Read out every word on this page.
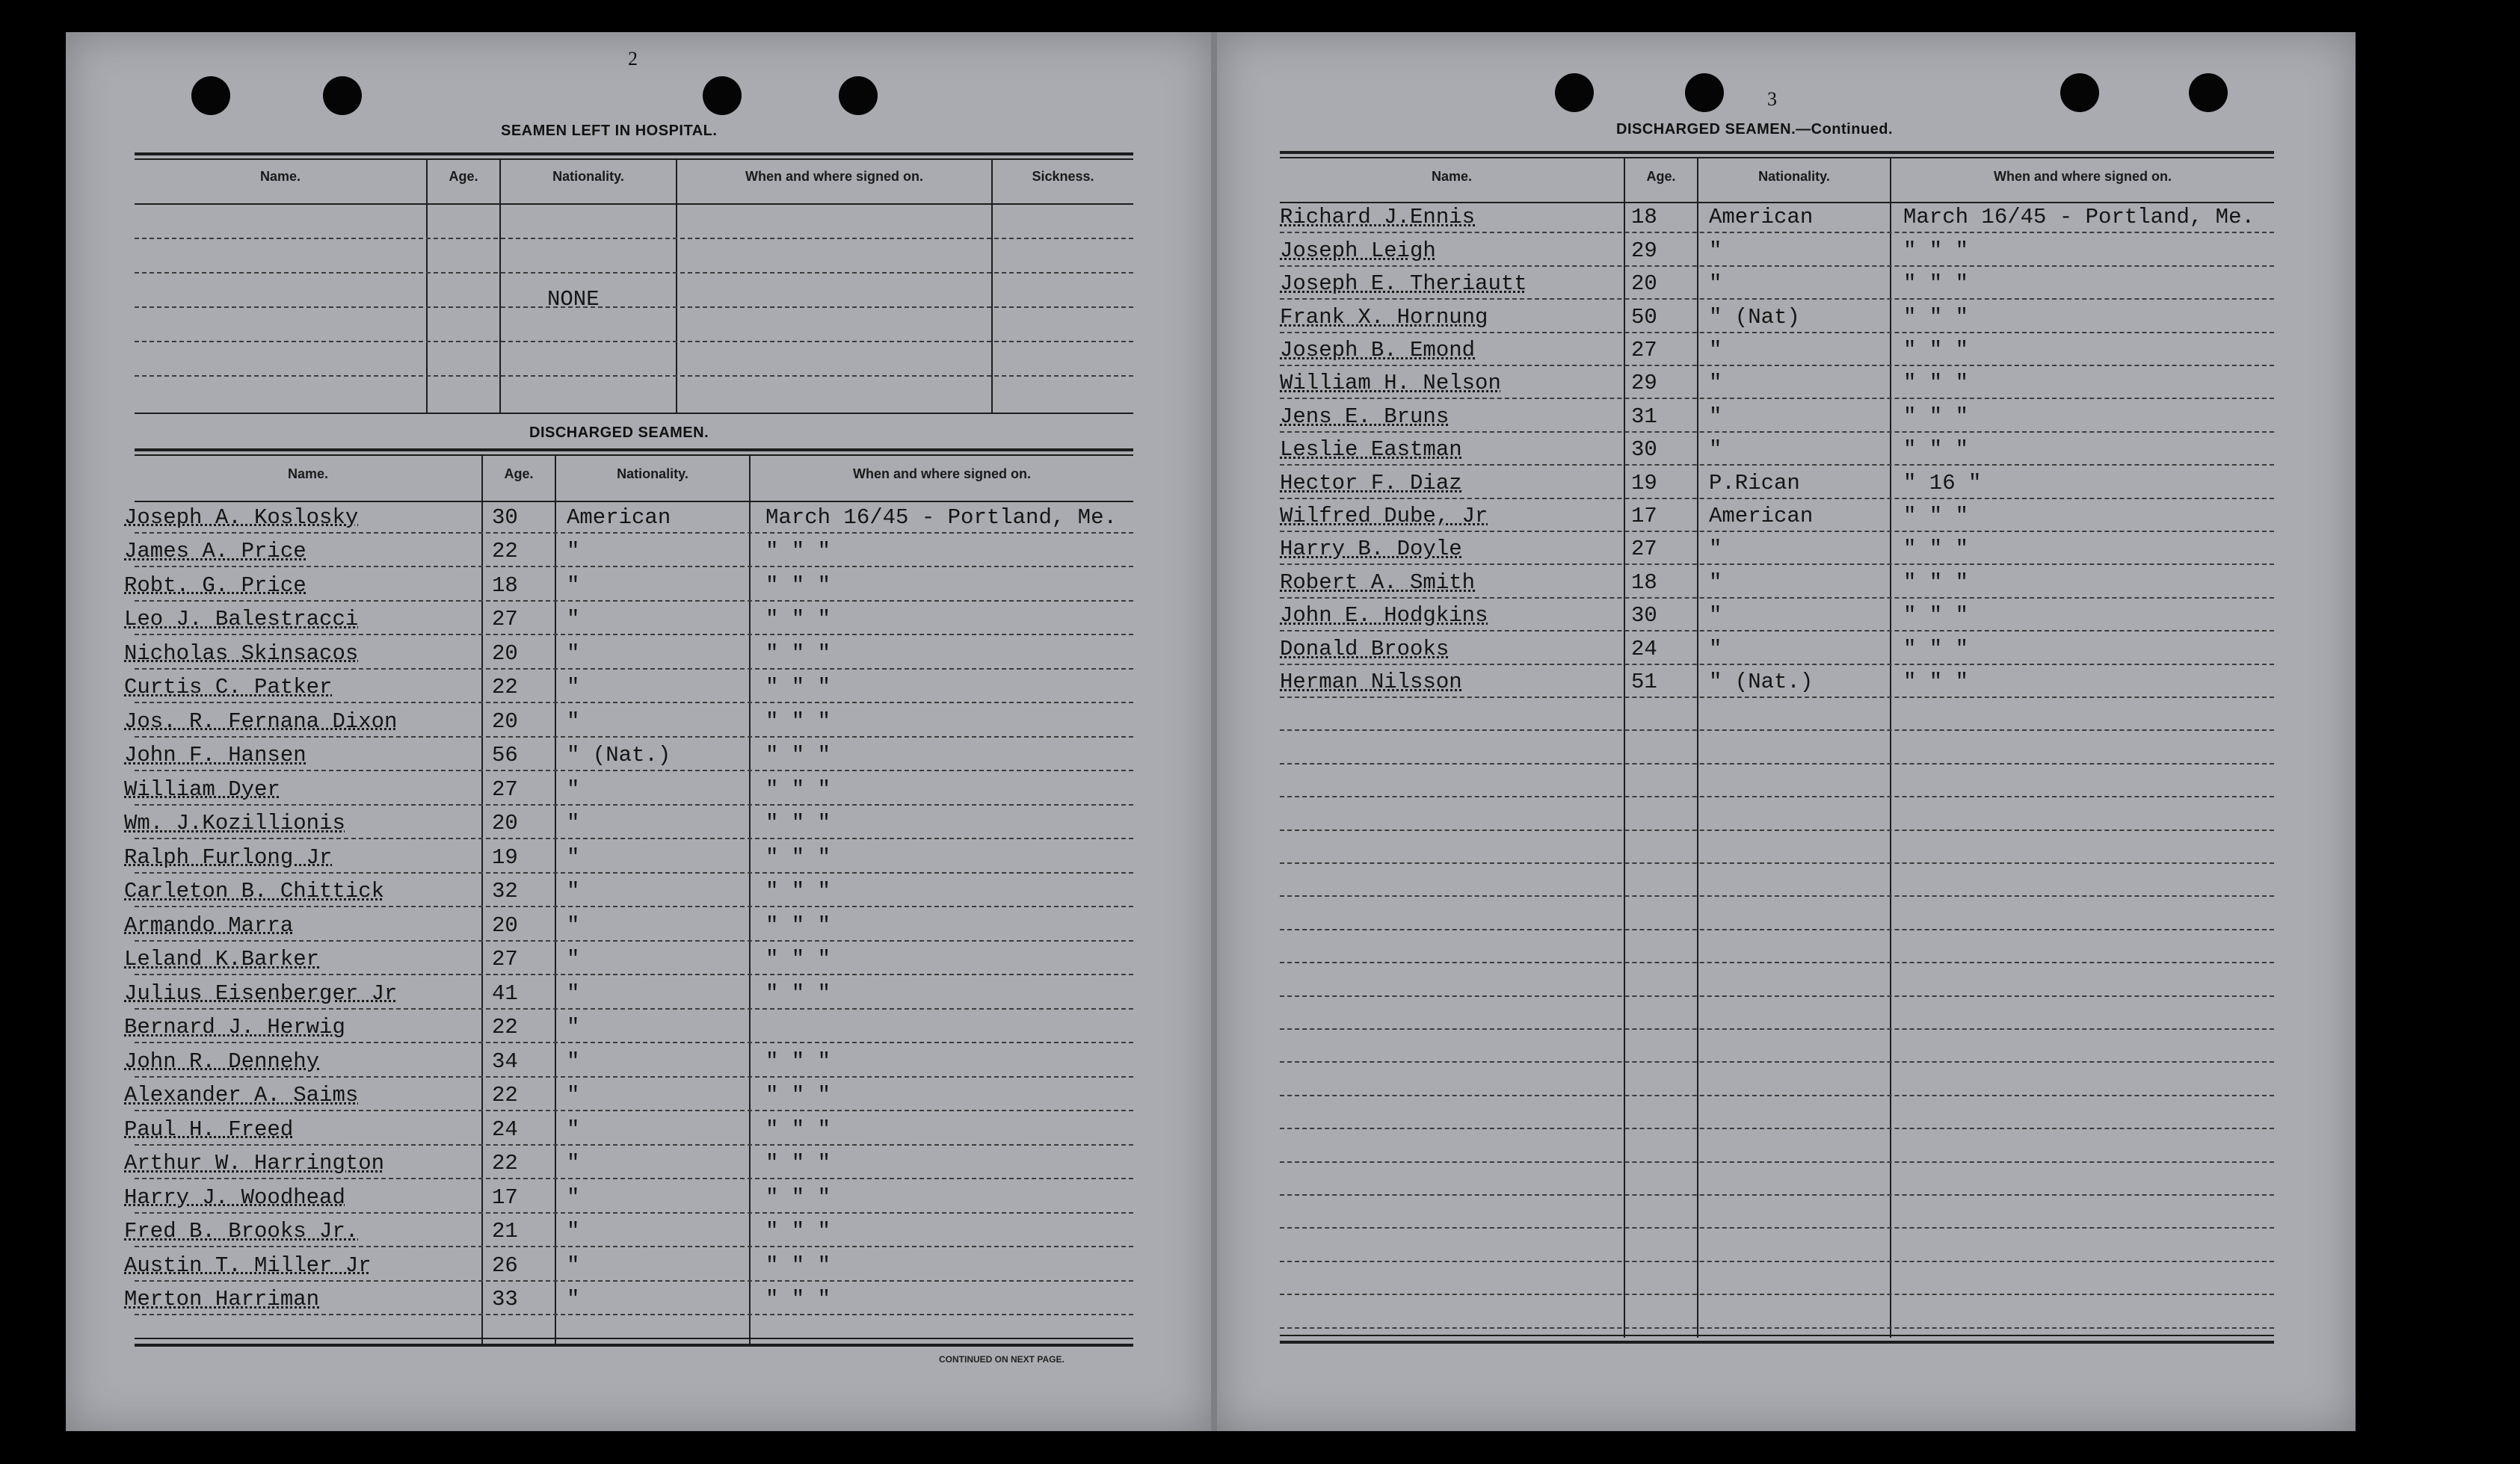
2
SEAMEN LEFT IN HOSPITAL.
Name.	Age.	Nationality.	When and where signed on.	Sickness.
NONE
DISCHARGED SEAMEN.
Name.	Age.	Nationality.	When and where signed on.
Joseph A. Koslosky	30 American	March 16/45 - Portland, Me.
James A. Price	22 "	" " "
Robt. G. Price	18 "	" " "
Leo J. Balestracci	27 "	" " "
Nicholas Skinsacos	20 "	" " "
Curtis C. Patker	22 "	" " "
Jos. R. Fernana Dixon	20 "	" " "
John F. Hansen	56 " (Nat.)	" " "
William Dyer	27 "	" " "
Wm. J.Kozillionis	20 "	" " "
Ralph Furlong Jr	19 "	" " "
Carleton B. Chittick	32 "	" " "
Armando Marra	20 "	" " "
Leland K.Barker	27 "	" " "
Julius Eisenberger Jr	41 "	" " "
Bernard J. Herwig	22 "
John R. Dennehy	34 "	" " "
Alexander A. Saims	22 "	" " "
Paul H. Freed	24 "	" " "
Arthur W. Harrington	22 "	" " "
Harry J. Woodhead	17 "	" " "
Fred B. Brooks Jr.	21 "	" " "
Austin T. Miller Jr	26 "	" " "
Merton Harriman	33 "	" " "
CONTINUED ON NEXT PAGE.
3
DISCHARGED SEAMEN.—Continued.
Name.	Age.	Nationality.	When and where signed on.
Richard J.Ennis	18 American	March 16/45 - Portland, Me.
Joseph Leigh	29 "	" " "
Joseph E. Theriautt	20 "	" " "
Frank X. Hornung	50 " (Nat)	" " "
Joseph B. Emond	27 "	" " "
William H. Nelson	29 "	" " "
Jens E. Bruns	31 "	" " "
Leslie Eastman	30 "	" " "
Hector F. Diaz	19 P.Rican	" 16 "
Wilfred Dube, Jr	17 American	" " "
Harry B. Doyle	27 "	" " "
Robert A. Smith	18 "	" " "
John E. Hodgkins	30 "	" " "
Donald Brooks	24 "	" " "
Herman Nilsson	51 " (Nat.)	" " "
